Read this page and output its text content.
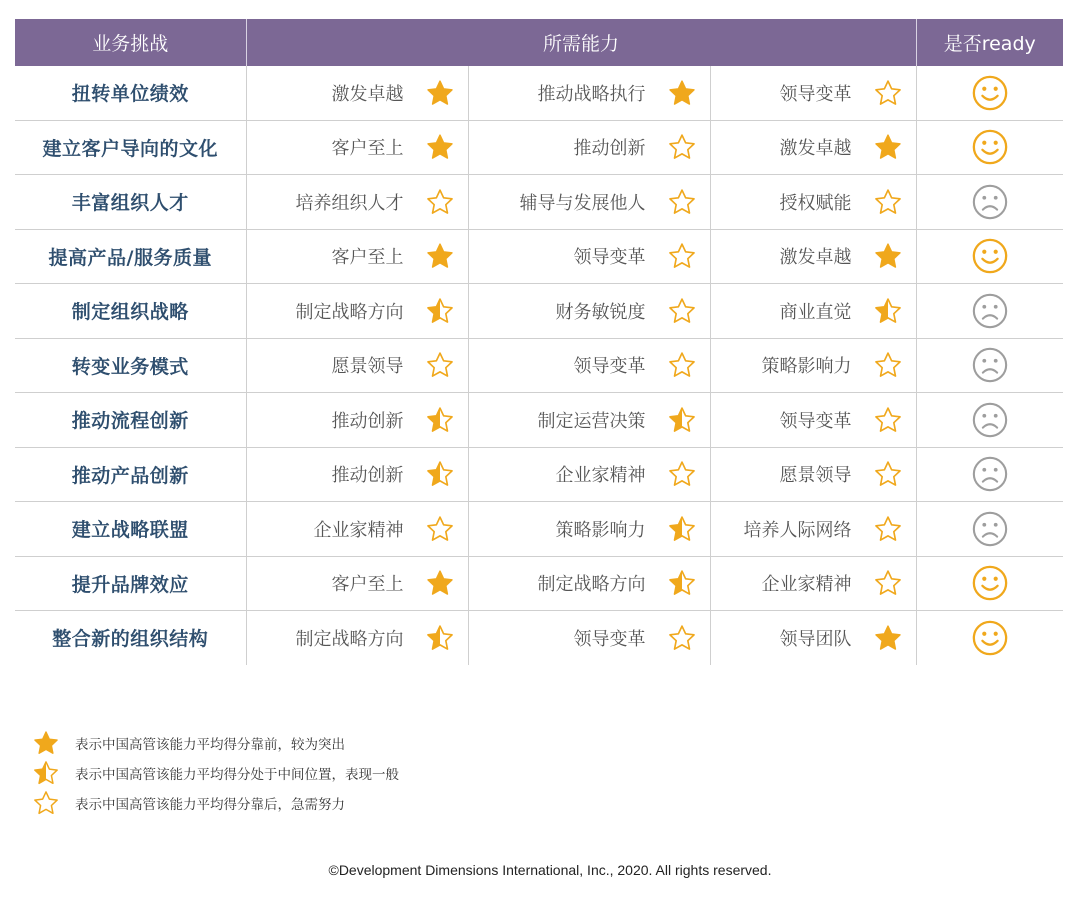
业务挑战	所需能力			是否ready
扭转单位绩效	激发卓越	推动战略执行	领导变革	
建立客户导向的文化	客户至上	推动创新	激发卓越	
丰富组织人才	培养组织人才	辅导与发展他人	授权赋能	
提高产品/服务质量	客户至上	领导变革	激发卓越	
制定组织战略	制定战略方向	财务敏锐度	商业直觉	
转变业务模式	愿景领导	领导变革	策略影响力	
推动流程创新	推动创新	制定运营决策	领导变革	
推动产品创新	推动创新	企业家精神	愿景领导	
建立战略联盟	企业家精神	策略影响力	培养人际网络	
提升品牌效应	客户至上	制定战略方向	企业家精神	
整合新的组织结构	制定战略方向	领导变革	领导团队	
表示中国高管该能力平均得分靠前，较为突出
表示中国高管该能力平均得分处于中间位置，表现一般
表示中国高管该能力平均得分靠后，急需努力
©Development Dimensions International, Inc., 2020. All rights reserved.
